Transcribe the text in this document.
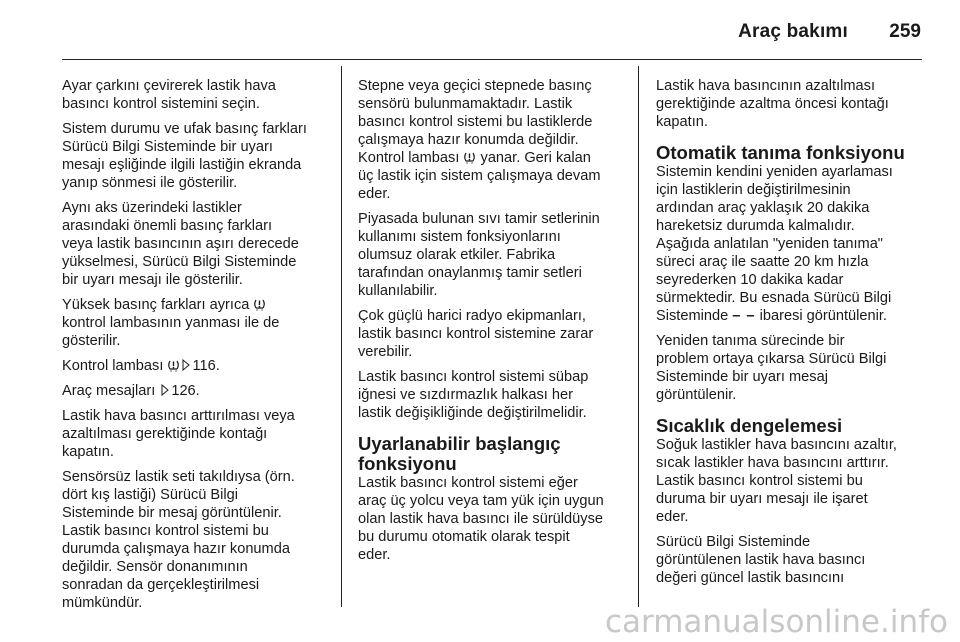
Araç bakımı 259

Ayar çarkını çevirerek lastik hava
basıncı kontrol sistemini seçin.

Sistem durumu ve ufak basınç farkları
Sürücü Bilgi Sisteminde bir uyarı
mesajı eşliğinde ilgili lastiğin ekranda
yanıp sönmesi ile gösterilir.

Aynı aks üzerindeki lastikler
arasındaki önemli basınç farkları
veya lastik basıncının aşırı derecede
yükselmesi, Sürücü Bilgi Sisteminde
bir uyarı mesajı ile gösterilir.

Yüksek basınç farkları ayrıca
kontrol lambasının yanması ile de
gösterilir.

Kontrol lambası 116.

Araç mesajları 126.

Lastik hava basıncı arttırılması veya
azaltılması gerektiğinde kontağı
kapatın.

Sensörsüz lastik seti takıldıysa (örn.
dört kış lastiği) Sürücü Bilgi
Sisteminde bir mesaj görüntülenir.
Lastik basıncı kontrol sistemi bu
durumda çalışmaya hazır konumda
değildir. Sensör donanımının
sonradan da gerçekleştirilmesi
mümkündür.

Stepne veya geçici stepnede basınç
sensörü bulunmamaktadır. Lastik
basıncı kontrol sistemi bu lastiklerde
çalışmaya hazır konumda değildir.
Kontrol lambası  yanar. Geri kalan
üç lastik için sistem çalışmaya devam
eder.

Piyasada bulunan sıvı tamir setlerinin
kullanımı sistem fonksiyonlarını
olumsuz olarak etkiler. Fabrika
tarafından onaylanmış tamir setleri
kullanılabilir.

Çok güçlü harici radyo ekipmanları,
lastik basıncı kontrol sistemine zarar
verebilir.

Lastik basıncı kontrol sistemi sübap
iğnesi ve sızdırmazlık halkası her
lastik değişikliğinde değiştirilmelidir.

Uyarlanabilir başlangıç
fonksiyonu

Lastik basıncı kontrol sistemi eğer
araç üç yolcu veya tam yük için uygun
olan lastik hava basıncı ile sürüldüyse
bu durumu otomatik olarak tespit
eder.

Lastik hava basıncının azaltılması
gerektiğinde azaltma öncesi kontağı
kapatın.

Otomatik tanıma fonksiyonu

Sistemin kendini yeniden ayarlaması
için lastiklerin değiştirilmesinin
ardından araç yaklaşık 20 dakika
hareketsiz durumda kalmalıdır.
Aşağıda anlatılan "yeniden tanıma"
süreci araç ile saatte 20 km hızla
seyrederken 10 dakika kadar
sürmektedir. Bu esnada Sürücü Bilgi
Sisteminde – – ibaresi görüntülenir.

Yeniden tanıma sürecinde bir
problem ortaya çıkarsa Sürücü Bilgi
Sisteminde bir uyarı mesaj
görüntülenir.

Sıcaklık dengelemesi

Soğuk lastikler hava basıncını azaltır,
sıcak lastikler hava basıncını arttırır.
Lastik basıncı kontrol sistemi bu
duruma bir uyarı mesajı ile işaret
eder.

Sürücü Bilgi Sisteminde
görüntülenen lastik hava basıncı
değeri güncel lastik basıncını

carmanualsonline.info
